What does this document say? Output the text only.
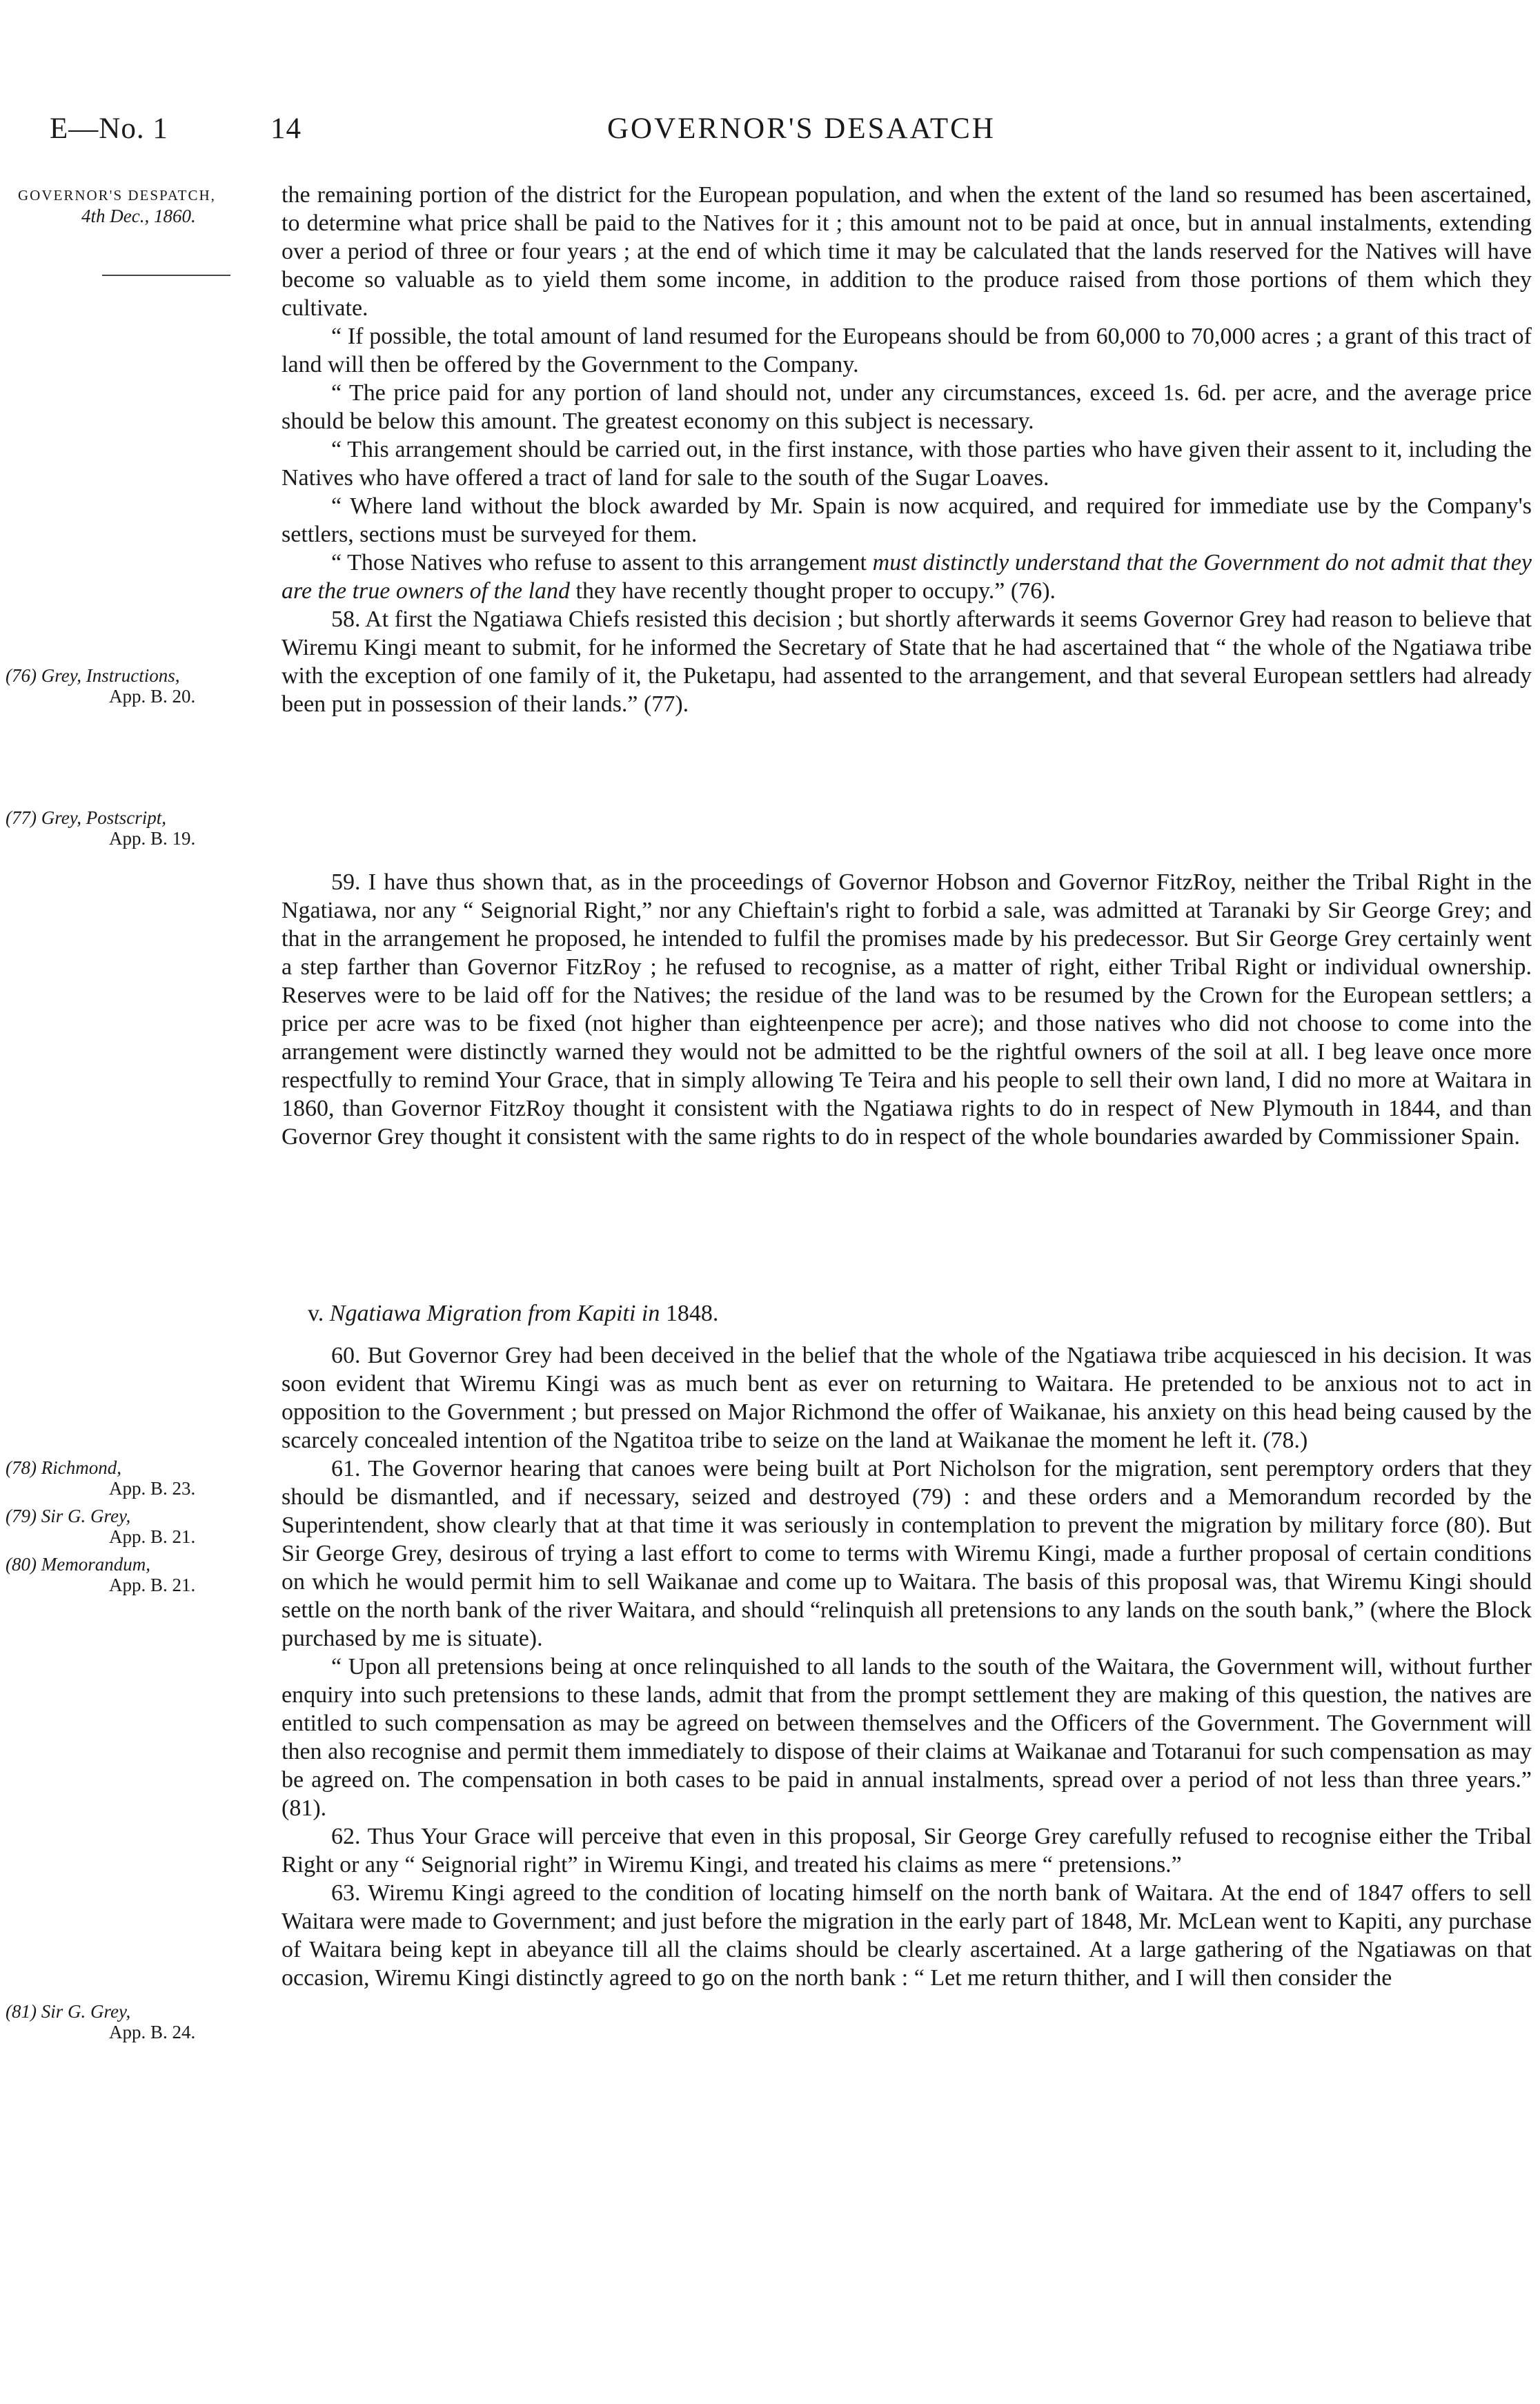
E—No. 1	14	GOVERNOR'S DESAATCH
GOVERNOR'S DESPATCH,
4th Dec., 1860.
(76) Grey, Instructions,
App. B. 20.
(77) Grey, Postscript,
App. B. 19.
(78) Richmond,
App. B. 23.
(79) Sir G. Grey,
App. B. 21.
(80) Memorandum,
App. B. 21.
(81) Sir G. Grey,
App. B. 24.

the remaining portion of the district for the European population, and when the extent of the land so resumed has been ascertained, to determine what price shall be paid to the Natives for it ; this amount not to be paid at once, but in annual instalments, extending over a period of three or four years ; at the end of which time it may be calculated that the lands reserved for the Natives will have become so valuable as to yield them some income, in addition to the produce raised from those portions of them which they cultivate.

“ If possible, the total amount of land resumed for the Europeans should be from 60,000 to 70,000 acres ; a grant of this tract of land will then be offered by the Government to the Company.

“ The price paid for any portion of land should not, under any circumstances, exceed 1s. 6d. per acre, and the average price should be below this amount. The greatest economy on this subject is necessary.

“ This arrangement should be carried out, in the first instance, with those parties who have given their assent to it, including the Natives who have offered a tract of land for sale to the south of the Sugar Loaves.

“ Where land without the block awarded by Mr. Spain is now acquired, and required for immediate use by the Company's settlers, sections must be surveyed for them.

“ Those Natives who refuse to assent to this arrangement must distinctly understand that the Government do not admit that they are the true owners of the land they have recently thought proper to occupy.” (76).

58. At first the Ngatiawa Chiefs resisted this decision ; but shortly afterwards it seems Governor Grey had reason to believe that Wiremu Kingi meant to submit, for he informed the Secretary of State that he had ascertained that “ the whole of the Ngatiawa tribe with the exception of one family of it, the Puketapu, had assented to the arrangement, and that several European settlers had already been put in possession of their lands.” (77).

59. I have thus shown that, as in the proceedings of Governor Hobson and Governor FitzRoy, neither the Tribal Right in the Ngatiawa, nor any “ Seignorial Right,” nor any Chieftain's right to forbid a sale, was admitted at Taranaki by Sir George Grey; and that in the arrangement he proposed, he intended to fulfil the promises made by his predecessor. But Sir George Grey certainly went a step farther than Governor FitzRoy ; he refused to recognise, as a matter of right, either Tribal Right or individual ownership. Reserves were to be laid off for the Natives; the residue of the land was to be resumed by the Crown for the European settlers; a price per acre was to be fixed (not higher than eighteenpence per acre); and those natives who did not choose to come into the arrangement were distinctly warned they would not be admitted to be the rightful owners of the soil at all. I beg leave once more respectfully to remind Your Grace, that in simply allowing Te Teira and his people to sell their own land, I did no more at Waitara in 1860, than Governor FitzRoy thought it consistent with the Ngatiawa rights to do in respect of New Plymouth in 1844, and than Governor Grey thought it consistent with the same rights to do in respect of the whole boundaries awarded by Commissioner Spain.

v. Ngatiawa Migration from Kapiti in 1848.

60. But Governor Grey had been deceived in the belief that the whole of the Ngatiawa tribe acquiesced in his decision. It was soon evident that Wiremu Kingi was as much bent as ever on returning to Waitara. He pretended to be anxious not to act in opposition to the Government ; but pressed on Major Richmond the offer of Waikanae, his anxiety on this head being caused by the scarcely concealed intention of the Ngatitoa tribe to seize on the land at Waikanae the moment he left it. (78.)

61. The Governor hearing that canoes were being built at Port Nicholson for the migration, sent peremptory orders that they should be dismantled, and if necessary, seized and destroyed (79) : and these orders and a Memorandum recorded by the Superintendent, show clearly that at that time it was seriously in contemplation to prevent the migration by military force (80). But Sir George Grey, desirous of trying a last effort to come to terms with Wiremu Kingi, made a further proposal of certain conditions on which he would permit him to sell Waikanae and come up to Waitara. The basis of this proposal was, that Wiremu Kingi should settle on the north bank of the river Waitara, and should “relinquish all pretensions to any lands on the south bank,” (where the Block purchased by me is situate).

“ Upon all pretensions being at once relinquished to all lands to the south of the Waitara, the Government will, without further enquiry into such pretensions to these lands, admit that from the prompt settlement they are making of this question, the natives are entitled to such compensation as may be agreed on between themselves and the Officers of the Government. The Government will then also recognise and permit them immediately to dispose of their claims at Waikanae and Totaranui for such compensation as may be agreed on. The compensation in both cases to be paid in annual instalments, spread over a period of not less than three years.” (81).

62. Thus Your Grace will perceive that even in this proposal, Sir George Grey carefully refused to recognise either the Tribal Right or any “ Seignorial right” in Wiremu Kingi, and treated his claims as mere “ pretensions.”

63. Wiremu Kingi agreed to the condition of locating himself on the north bank of Waitara. At the end of 1847 offers to sell Waitara were made to Government; and just before the migration in the early part of 1848, Mr. McLean went to Kapiti, any purchase of Waitara being kept in abeyance till all the claims should be clearly ascertained. At a large gathering of the Ngatiawas on that occasion, Wiremu Kingi distinctly agreed to go on the north bank : “ Let me return thither, and I will then consider the
